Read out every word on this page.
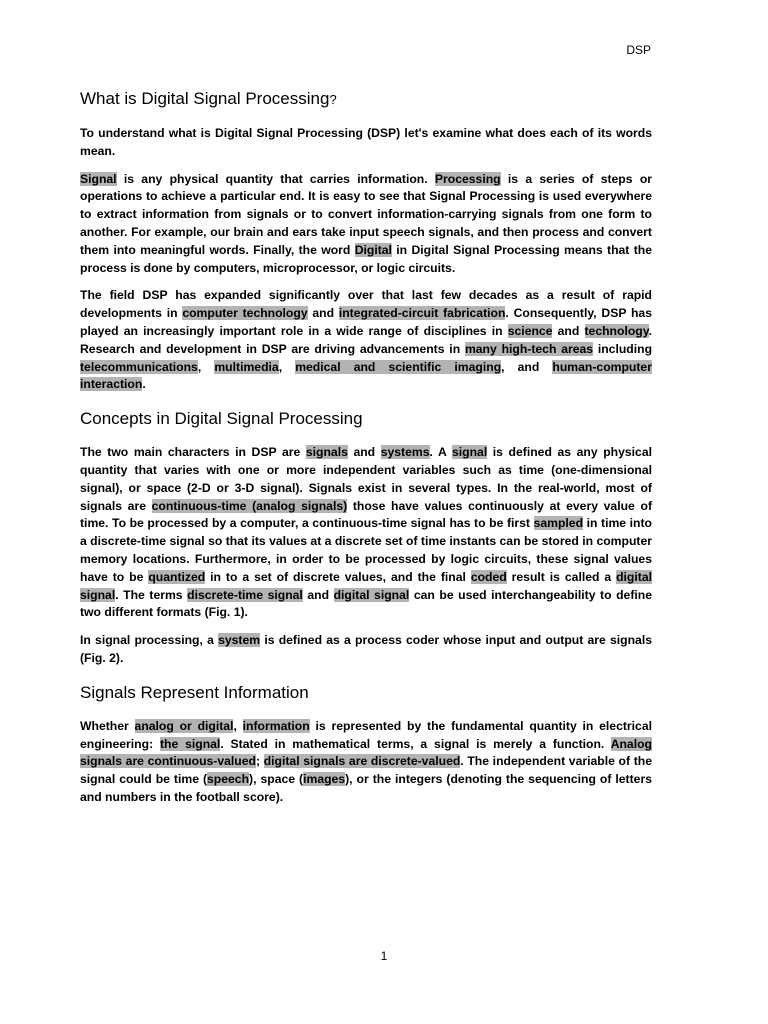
DSP
What is Digital Signal Processing?

To understand what is Digital Signal Processing (DSP) let's examine what does each of its words mean.

Signal is any physical quantity that carries information. Processing is a series of steps or operations to achieve a particular end. It is easy to see that Signal Processing is used everywhere to extract information from signals or to convert information-carrying signals from one form to another. For example, our brain and ears take input speech signals, and then process and convert them into meaningful words. Finally, the word Digital in Digital Signal Processing means that the process is done by computers, microprocessor, or logic circuits.

The field DSP has expanded significantly over that last few decades as a result of rapid developments in computer technology and integrated-circuit fabrication. Consequently, DSP has played an increasingly important role in a wide range of disciplines in science and technology. Research and development in DSP are driving advancements in many high-tech areas including telecommunications, multimedia, medical and scientific imaging, and human-computer interaction.

Concepts in Digital Signal Processing

The two main characters in DSP are signals and systems. A signal is defined as any physical quantity that varies with one or more independent variables such as time (one-dimensional signal), or space (2-D or 3-D signal). Signals exist in several types. In the real-world, most of signals are continuous-time (analog signals) those have values continuously at every value of time. To be processed by a computer, a continuous-time signal has to be first sampled in time into a discrete-time signal so that its values at a discrete set of time instants can be stored in computer memory locations. Furthermore, in order to be processed by logic circuits, these signal values have to be quantized in to a set of discrete values, and the final coded result is called a digital signal. The terms discrete-time signal and digital signal can be used interchangeability to define two different formats (Fig. 1).

In signal processing, a system is defined as a process coder whose input and output are signals (Fig. 2).

Signals Represent Information

Whether analog or digital, information is represented by the fundamental quantity in electrical engineering: the signal. Stated in mathematical terms, a signal is merely a function. Analog signals are continuous-valued; digital signals are discrete-valued. The independent variable of the signal could be time (speech), space (images), or the integers (denoting the sequencing of letters and numbers in the football score).

1
